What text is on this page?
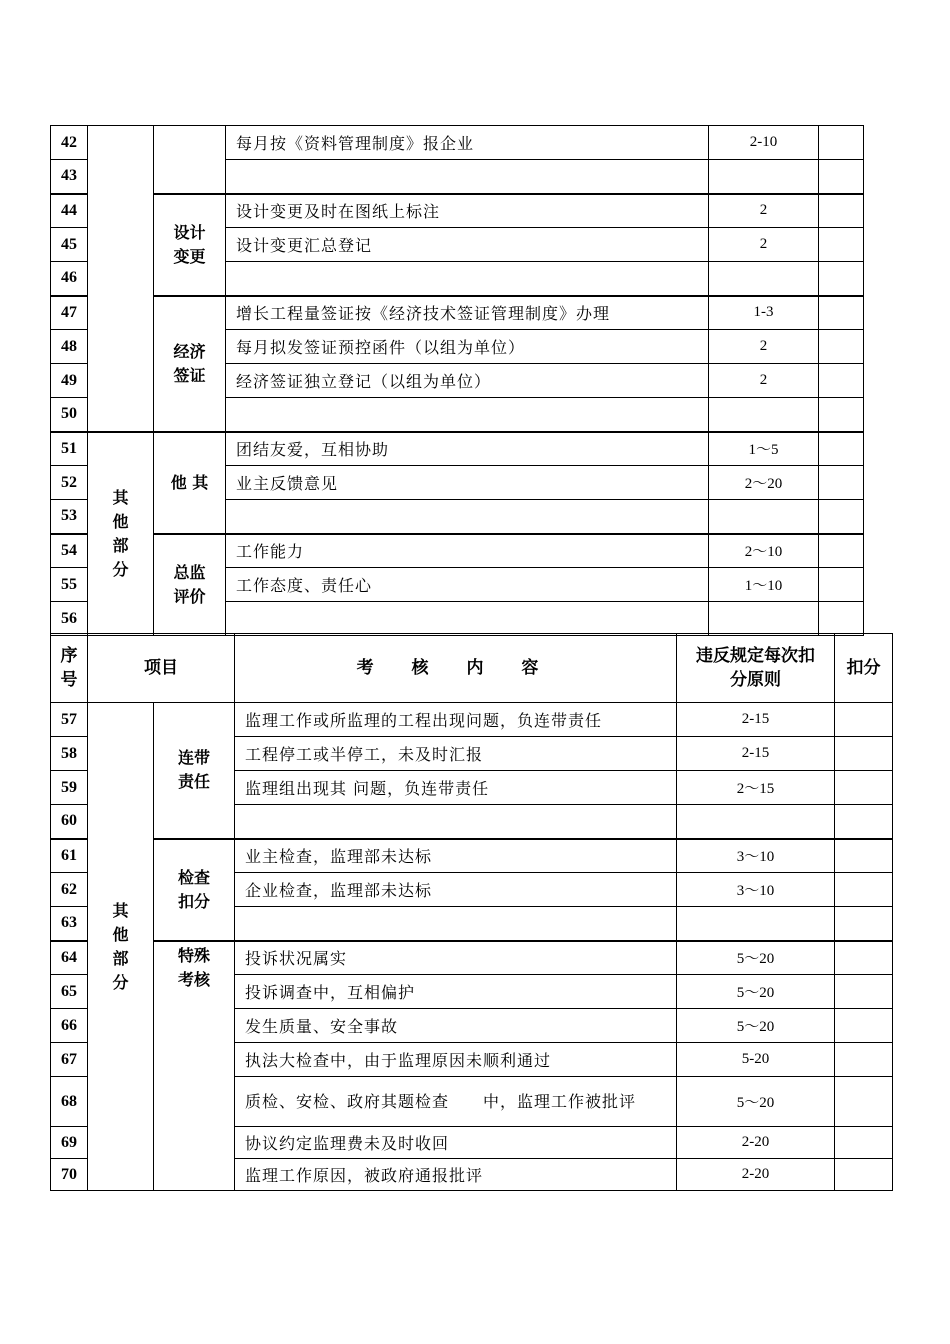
42			每月按《资料管理制度》报企业	2-10	
43					
44		设计变更	设计变更及时在图纸上标注	2	
45			设计变更汇总登记	2	
46					
47		经济签证	增长工程量签证按《经济技术签证管理制度》办理	1-3	
48			每月拟发签证预控函件（以组为单位）	2	
49			经济签证独立登记（以组为单位）	2	
50					
51	其他部分	他 其	团结友爱，互相协助	1～5	
52			业主反馈意见	2～20	
53					
54		总监评价	工作能力	2～10	
55			工作态度、责任心	1～10	
56					
序号	项目		考 核 内 容	违反规定每次扣分原则	扣分
57	其他部分	连带责任	监理工作或所监理的工程出现问题，负连带责任	2-15	
58			工程停工或半停工，未及时汇报	2-15	
59			监理组出现其 问题，负连带责任	2～15	
60					
61		检查扣分	业主检查，监理部未达标	3～10	
62			企业检查，监理部未达标	3～10	
63					
64		特殊考核	投诉状况属实	5～20	
65			投诉调查中，互相偏护	5～20	
66			发生质量、安全事故	5～20	
67			执法大检查中，由于监理原因未顺利通过	5-20	
68			质检、安检、政府其题检查　　中，监理工作被批评	5～20	
69			协议约定监理费未及时收回	2-20	
70			监理工作原因，被政府通报批评	2-20	
